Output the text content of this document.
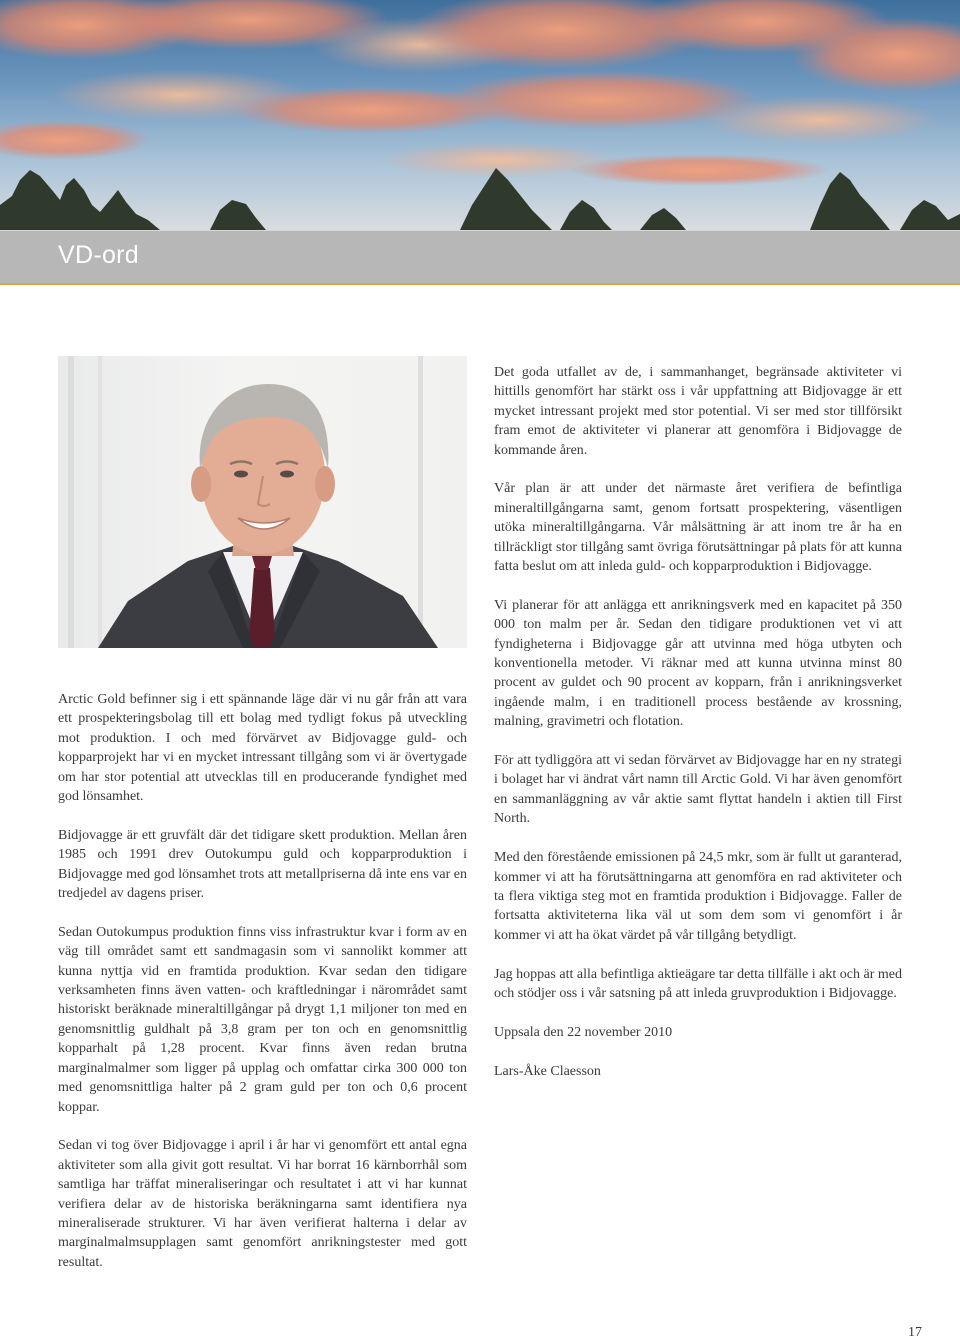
VD-ord

Arctic Gold befinner sig i ett spännande läge där vi nu går från att vara ett prospekteringsbolag till ett bolag med tydligt fokus på utveckling mot produktion. I och med förvärvet av Bidjovagge guld- och kopparprojekt har vi en mycket intressant tillgång som vi är övertygade om har stor potential att utvecklas till en producerande fyndighet med god lönsamhet.

Bidjovagge är ett gruvfält där det tidigare skett produktion. Mellan åren 1985 och 1991 drev Outokumpu guld och kopparproduktion i Bidjovagge med god lönsamhet trots att metallpriserna då inte ens var en tredjedel av dagens priser.

Sedan Outokumpus produktion finns viss infrastruktur kvar i form av en väg till området samt ett sandmagasin som vi sannolikt kommer att kunna nyttja vid en framtida produktion. Kvar sedan den tidigare verksamheten finns även vatten- och kraftledningar i närområdet samt historiskt beräknade mineraltillgångar på drygt 1,1 miljoner ton med en genomsnittlig guldhalt på 3,8 gram per ton och en genomsnittlig kopparhalt på 1,28 procent. Kvar finns även redan brutna marginalmalmer som ligger på upplag och omfattar cirka 300 000 ton med genomsnittliga halter på 2 gram guld per ton och 0,6 procent koppar.

Sedan vi tog över Bidjovagge i april i år har vi genomfört ett antal egna aktiviteter som alla givit gott resultat. Vi har borrat 16 kärnborrhål som samtliga har träffat mineraliseringar och resultatet i att vi har kunnat verifiera delar av de historiska beräkningarna samt identifiera nya mineraliserade strukturer. Vi har även verifierat halterna i delar av marginalmalmsupplagen samt genomfört anrikningstester med gott resultat.

Det goda utfallet av de, i sammanhanget, begränsade aktiviteter vi hittills genomfört har stärkt oss i vår uppfattning att Bidjovagge är ett mycket intressant projekt med stor potential. Vi ser med stor tillförsikt fram emot de aktiviteter vi planerar att genomföra i Bidjovagge de kommande åren.

Vår plan är att under det närmaste året verifiera de befintliga mineraltillgångarna samt, genom fortsatt prospektering, väsentligen utöka mineraltillgångarna. Vår målsättning är att inom tre år ha en tillräckligt stor tillgång samt övriga förutsättningar på plats för att kunna fatta beslut om att inleda guld- och kopparproduktion i Bidjovagge.

Vi planerar för att anlägga ett anrikningsverk med en kapacitet på 350 000 ton malm per år. Sedan den tidigare produktionen vet vi att fyndigheterna i Bidjovagge går att utvinna med höga utbyten och konventionella metoder. Vi räknar med att kunna utvinna minst 80 procent av guldet och 90 procent av kopparn, från i anrikningsverket ingående malm, i en traditionell process bestående av krossning, malning, gravimetri och flotation.

För att tydliggöra att vi sedan förvärvet av Bidjovagge har en ny strategi i bolaget har vi ändrat vårt namn till Arctic Gold. Vi har även genomfört en sammanläggning av vår aktie samt flyttat handeln i aktien till First North.

Med den förestående emissionen på 24,5 mkr, som är fullt ut garanterad, kommer vi att ha förutsättningarna att genomföra en rad aktiviteter och ta flera viktiga steg mot en framtida produktion i Bidjovagge. Faller de fortsatta aktiviteterna lika väl ut som dem som vi genomfört i år kommer vi att ha ökat värdet på vår tillgång betydligt.

Jag hoppas att alla befintliga aktieägare tar detta tillfälle i akt och är med och stödjer oss i vår satsning på att inleda gruvproduktion i Bidjovagge.

Uppsala den 22 november 2010

Lars-Åke Claesson

17
